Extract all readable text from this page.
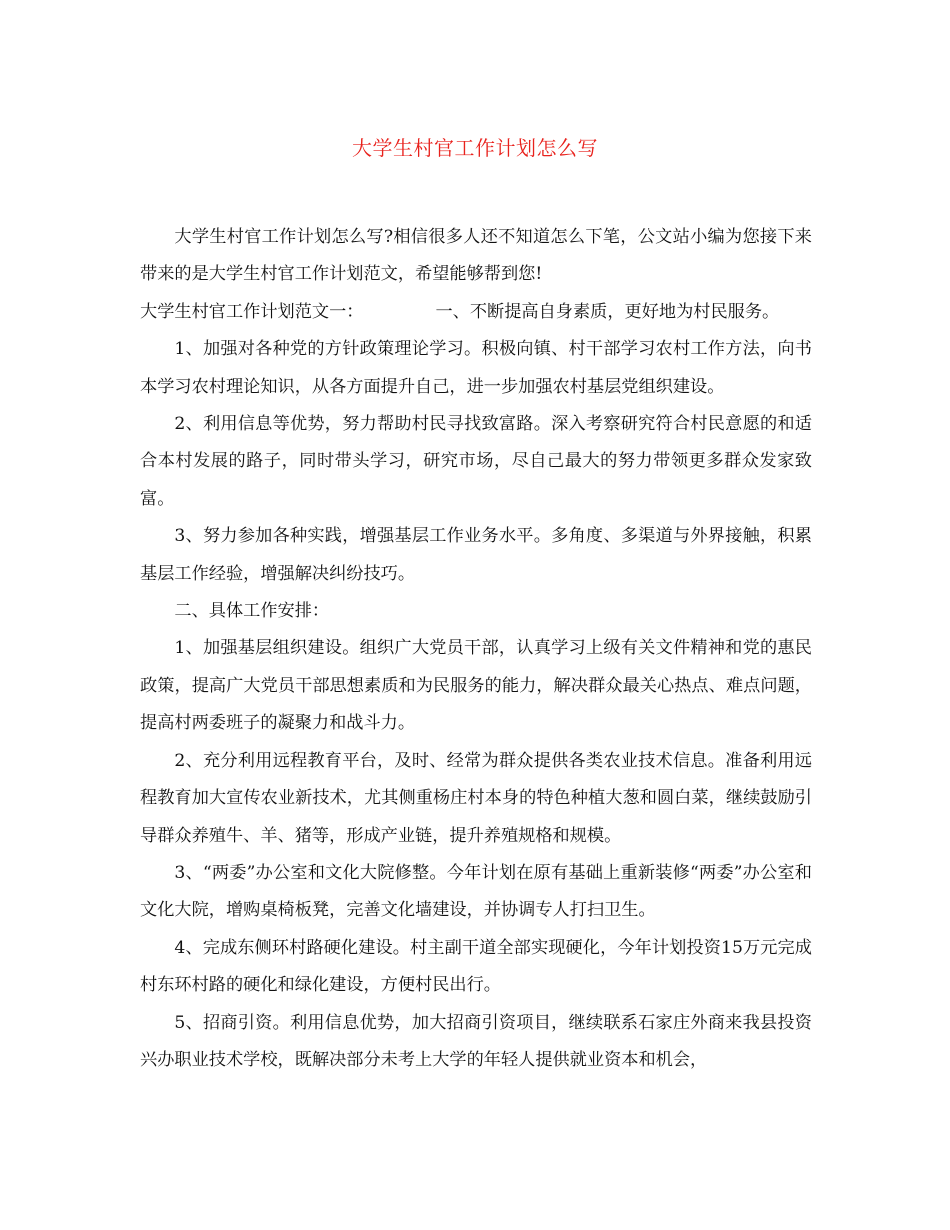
大学生村官工作计划怎么写

大学生村官工作计划怎么写?相信很多人还不知道怎么下笔，公文站小编为您接下来带来的是大学生村官工作计划范文，希望能够帮到您!

大学生村官工作计划范文一：	一、不断提高自身素质，更好地为村民服务。

1、加强对各种党的方针政策理论学习。积极向镇、村干部学习农村工作方法，向书本学习农村理论知识，从各方面提升自己，进一步加强农村基层党组织建设。

2、利用信息等优势，努力帮助村民寻找致富路。深入考察研究符合村民意愿的和适合本村发展的路子，同时带头学习，研究市场，尽自己最大的努力带领更多群众发家致富。

3、努力参加各种实践，增强基层工作业务水平。多角度、多渠道与外界接触，积累基层工作经验，增强解决纠纷技巧。

二、具体工作安排：

1、加强基层组织建设。组织广大党员干部，认真学习上级有关文件精神和党的惠民政策，提高广大党员干部思想素质和为民服务的能力，解决群众最关心热点、难点问题，提高村两委班子的凝聚力和战斗力。

2、充分利用远程教育平台，及时、经常为群众提供各类农业技术信息。准备利用远程教育加大宣传农业新技术，尤其侧重杨庄村本身的特色种植大葱和圆白菜，继续鼓励引导群众养殖牛、羊、猪等，形成产业链，提升养殖规格和规模。

3、“两委”办公室和文化大院修整。今年计划在原有基础上重新装修“两委”办公室和文化大院，增购桌椅板凳，完善文化墙建设，并协调专人打扫卫生。

4、完成东侧环村路硬化建设。村主副干道全部实现硬化，今年计划投资15万元完成村东环村路的硬化和绿化建设，方便村民出行。

5、招商引资。利用信息优势，加大招商引资项目，继续联系石家庄外商来我县投资兴办职业技术学校，既解决部分未考上大学的年轻人提供就业资本和机会，
